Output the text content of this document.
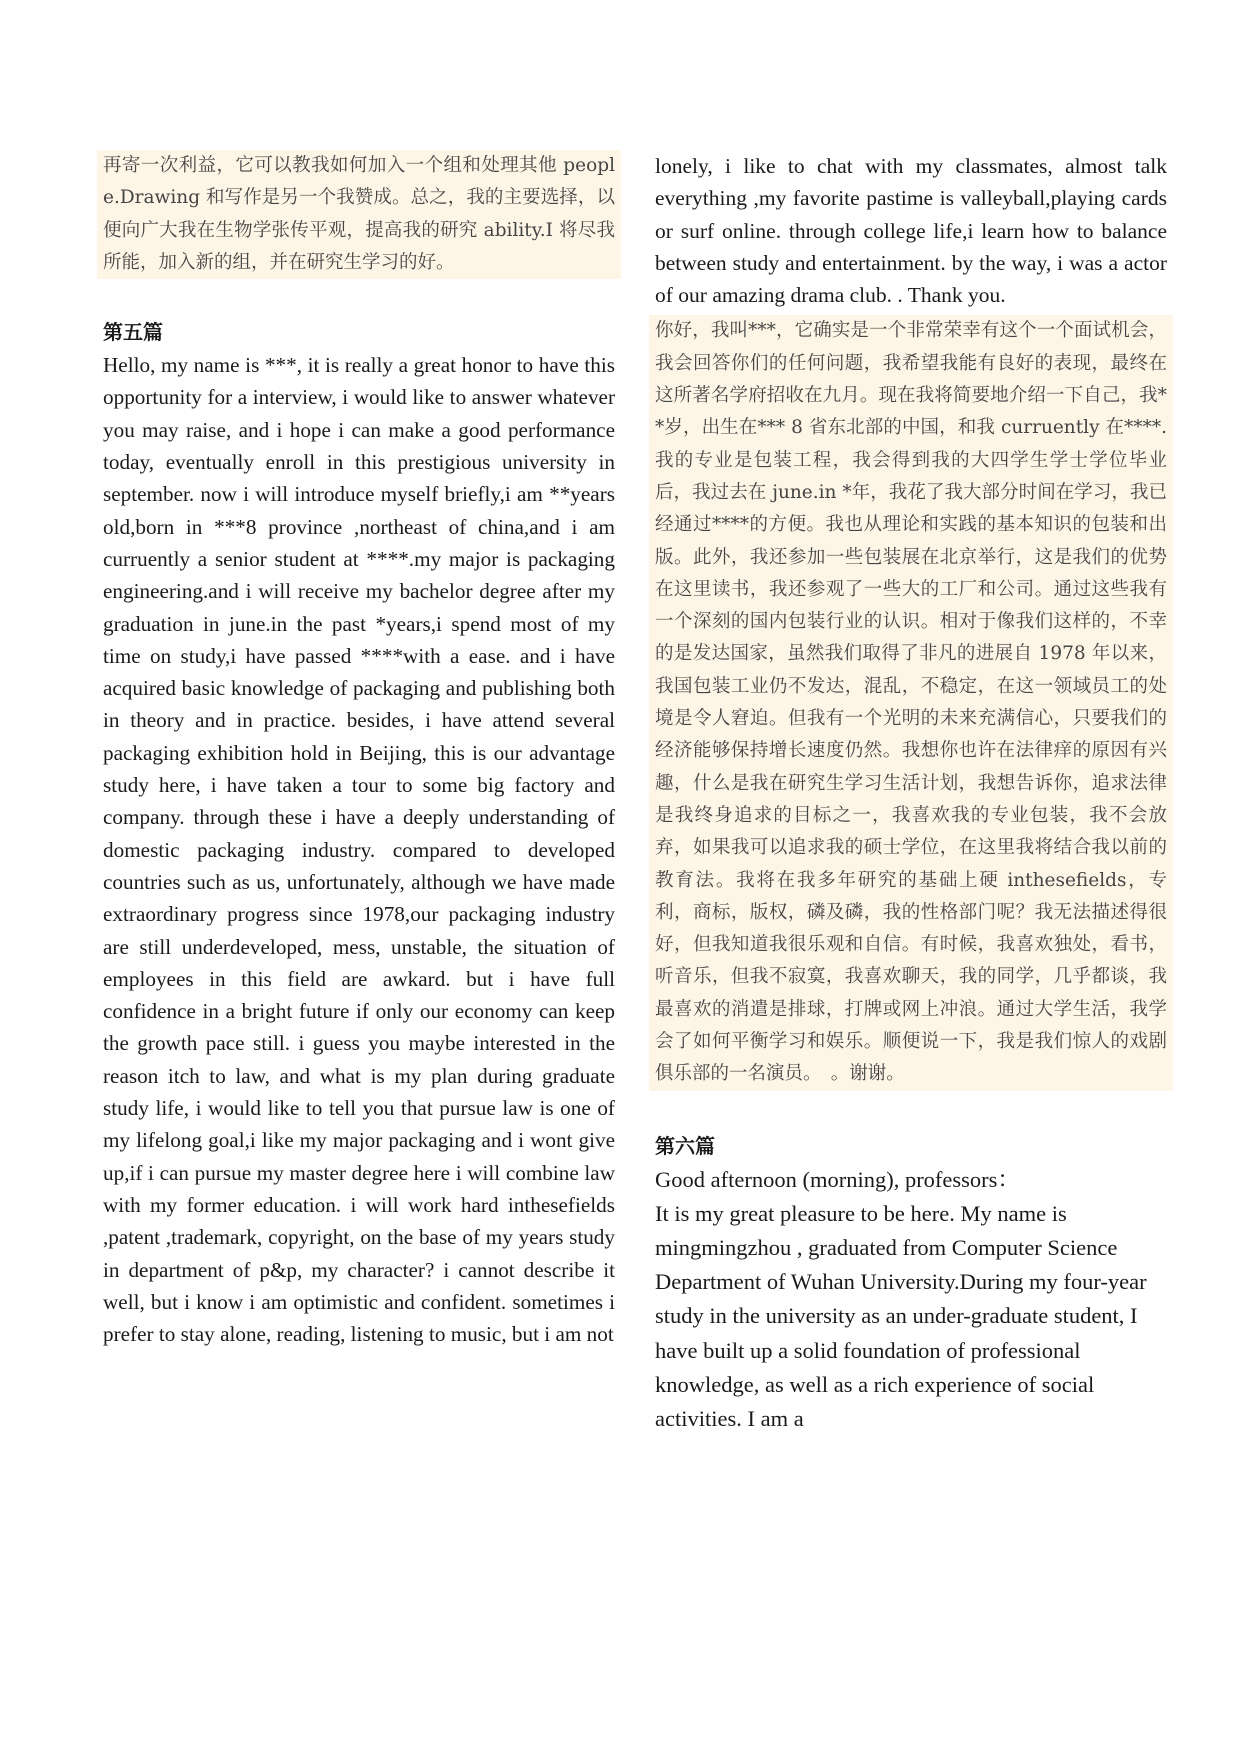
再寄一次利益，它可以教我如何加入一个组和处理其他 people.Drawing 和写作是另一个我赞成。总之，我的主要选择，以便向广大我在生物学张传平观，提高我的研究 ability.I 将尽我所能，加入新的组，并在研究生学习的好。

第五篇

Hello, my name is ***, it is really a great honor to have this opportunity for a interview, i would like to answer whatever you may raise, and i hope i can make a good performance today, eventually enroll in this prestigious university in september. now i will introduce myself briefly,i am **years old,born in ***8 province ,northeast of china,and i am curruently a senior student at ****.my major is packaging engineering.and i will receive my bachelor degree after my graduation in june.in the past *years,i spend most of my time on study,i have passed ****with a ease. and i have acquired basic knowledge of packaging and publishing both in theory and in practice. besides, i have attend several packaging exhibition hold in Beijing, this is our advantage study here, i have taken a tour to some big factory and company. through these i have a deeply understanding of domestic packaging industry. compared to developed countries such as us, unfortunately, although we have made extraordinary progress since 1978,our packaging industry are still underdeveloped, mess, unstable, the situation of employees in this field are awkard. but i have full confidence in a bright future if only our economy can keep the growth pace still. i guess you maybe interested in the reason itch to law, and what is my plan during graduate study life, i would like to tell you that pursue law is one of my lifelong goal,i like my major packaging and i wont give up,if i can pursue my master degree here i will combine law with my former education. i will work hard inthesefields ,patent ,trademark, copyright, on the base of my years study in department of p&p, my character? i cannot describe it well, but i know i am optimistic and confident. sometimes i prefer to stay alone, reading, listening to music, but i am not

lonely, i like to chat with my classmates, almost talk everything ,my favorite pastime is valleyball,playing cards or surf online. through college life,i learn how to balance between study and entertainment. by the way, i was a actor of our amazing drama club. . Thank you.

你好，我叫***，它确实是一个非常荣幸有这个一个面试机会，我会回答你们的任何问题，我希望我能有良好的表现，最终在这所著名学府招收在九月。现在我将简要地介绍一下自己，我**岁，出生在*** 8 省东北部的中国，和我 curruently 在****.我的专业是包装工程，我会得到我的大四学生学士学位毕业后，我过去在 june.in *年，我花了我大部分时间在学习，我已经通过****的方便。我也从理论和实践的基本知识的包装和出版。此外，我还参加一些包装展在北京举行，这是我们的优势在这里读书，我还参观了一些大的工厂和公司。通过这些我有一个深刻的国内包装行业的认识。相对于像我们这样的，不幸的是发达国家，虽然我们取得了非凡的进展自 1978 年以来，我国包装工业仍不发达，混乱，不稳定，在这一领域员工的处境是令人窘迫。但我有一个光明的未来充满信心，只要我们的经济能够保持增长速度仍然。我想你也许在法律痒的原因有兴趣，什么是我在研究生学习生活计划，我想告诉你，追求法律是我终身追求的目标之一，我喜欢我的专业包装，我不会放弃，如果我可以追求我的硕士学位，在这里我将结合我以前的教育法。我将在我多年研究的基础上硬 inthesefields，专利，商标，版权，磷及磷，我的性格部门呢？我无法描述得很好，但我知道我很乐观和自信。有时候，我喜欢独处，看书，听音乐，但我不寂寞，我喜欢聊天，我的同学，几乎都谈，我最喜欢的消遣是排球，打牌或网上冲浪。通过大学生活，我学会了如何平衡学习和娱乐。顺便说一下，我是我们惊人的戏剧俱乐部的一名演员。　。谢谢。

第六篇

Good afternoon (morning), professors：

It is my great pleasure to be here. My name is mingmingzhou , graduated from Computer Science Department of Wuhan University.During my four-year study in the university as an under-graduate student, I have built up a solid foundation of professional knowledge, as well as a rich experience of social activities. I am a
